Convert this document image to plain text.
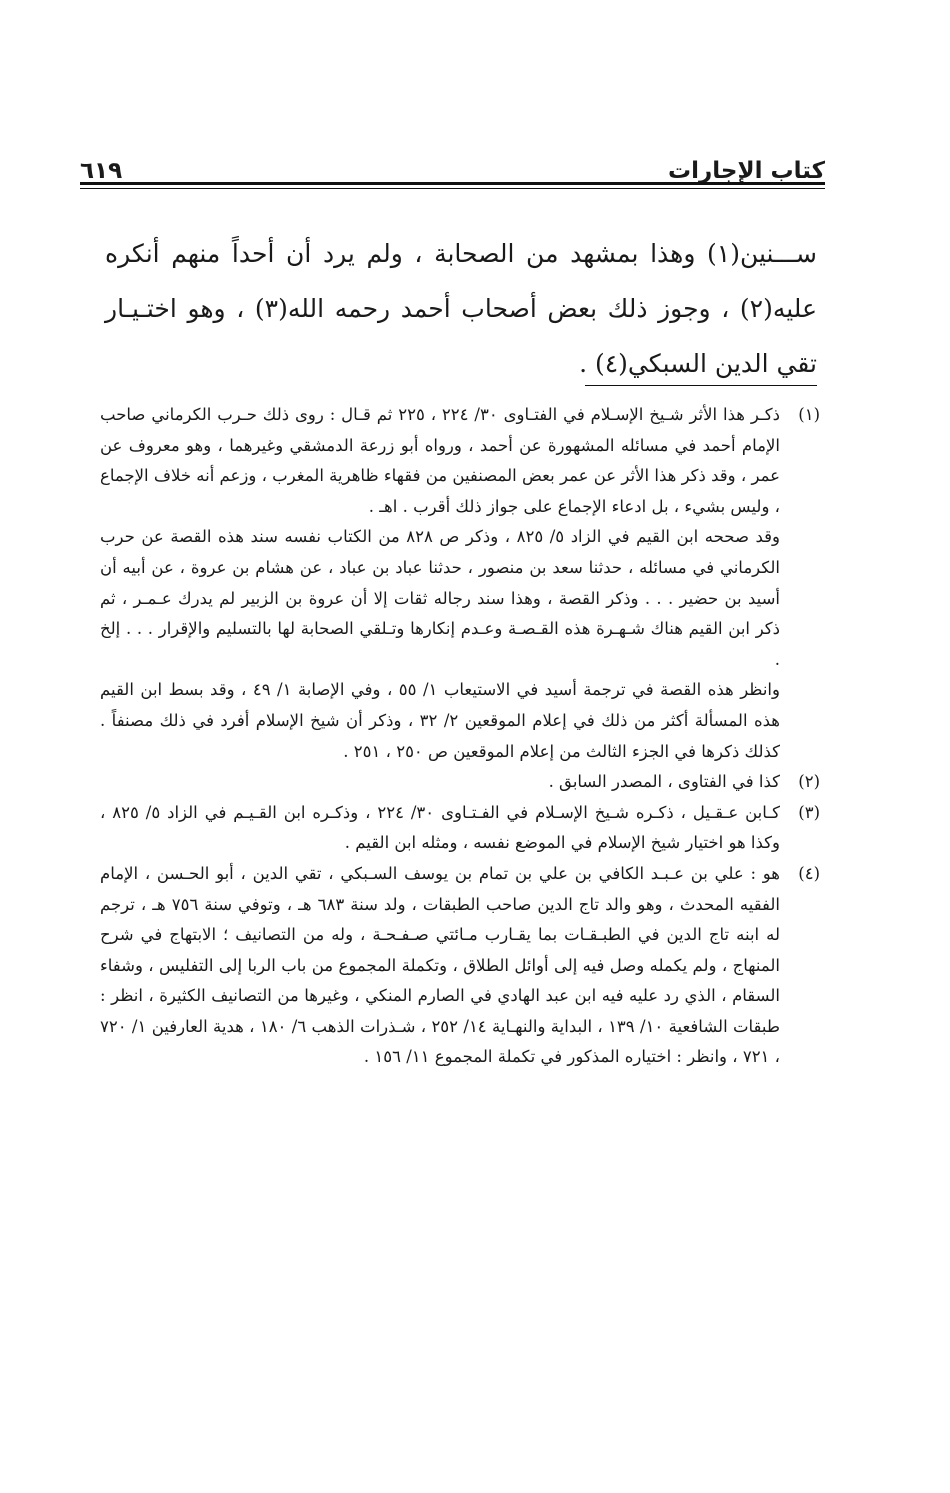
كتاب الإجارات
٦١٩

ســـنين(١) وهذا بمشهد من الصحابة ، ولم يرد أن أحداً منهم أنكره عليه(٢) ، وجوز ذلك بعض أصحاب أحمد رحمه الله(٣) ، وهو اختـيـار تقي الدين السبكي(٤) .

(١)

ذكـر هذا الأثر شـيخ الإسـلام في الفتـاوى ٣٠/ ٢٢٤ ، ٢٢٥ ثم قـال : روى ذلك حـرب الكرماني صاحب الإمام أحمد في مسائله المشهورة عن أحمد ، ورواه أبو زرعة الدمشقي وغيرهما ، وهو معروف عن عمر ، وقد ذكر هذا الأثر عن عمر بعض المصنفين من فقهاء ظاهرية المغرب ، وزعم أنه خلاف الإجماع ، وليس بشيء ، بل ادعاء الإجماع على جواز ذلك أقرب . اهـ .

وقد صححه ابن القيم في الزاد ٥/ ٨٢٥ ، وذكر ص ٨٢٨ من الكتاب نفسه سند هذه القصة عن حرب الكرماني في مسائله ، حدثنا سعد بن منصور ، حدثنا عباد بن عباد ، عن هشام بن عروة ، عن أبيه أن أسيد بن حضير . . . وذكر القصة ، وهذا سند رجاله ثقات إلا أن عروة بن الزبير لم يدرك عـمـر ، ثم ذكر ابن القيم هناك شـهـرة هذه القـصـة وعـدم إنكارها وتـلقي الصحابة لها بالتسليم والإقرار . . . إلخ .

وانظر هذه القصة في ترجمة أسيد في الاستيعاب ١/ ٥٥ ، وفي الإصابة ١/ ٤٩ ، وقد بسط ابن القيم هذه المسألة أكثر من ذلك في إعلام الموقعين ٢/ ٣٢ ، وذكر أن شيخ الإسلام أفرد في ذلك مصنفاً . كذلك ذكرها في الجزء الثالث من إعلام الموقعين ص ٢٥٠ ، ٢٥١ .

(٢)

كذا في الفتاوى ، المصدر السابق .

(٣)

كـابن عـقـيل ، ذكـره شـيخ الإسـلام في الفـتـاوى ٣٠/ ٢٢٤ ، وذكـره ابن القـيـم في الزاد ٥/ ٨٢٥ ، وكذا هو اختيار شيخ الإسلام في الموضع نفسه ، ومثله ابن القيم .

(٤)

هو : علي بن عـبـد الكافي بن علي بن تمام بن يوسف السـبكي ، تقي الدين ، أبو الحـسن ، الإمام الفقيه المحدث ، وهو والد تاج الدين صاحب الطبقات ، ولد سنة ٦٨٣ هـ ، وتوفي سنة ٧٥٦ هـ ، ترجم له ابنه تاج الدين في الطبـقـات بما يقـارب مـائتي صـفـحـة ، وله من التصانيف ؛ الابتهاج في شرح المنهاج ، ولم يكمله وصل فيه إلى أوائل الطلاق ، وتكملة المجموع من باب الربا إلى التفليس ، وشفاء السقام ، الذي رد عليه فيه ابن عبد الهادي في الصارم المنكي ، وغيرها من التصانيف الكثيرة ، انظر : طبقات الشافعية ١٠/ ١٣٩ ، البداية والنهـاية ١٤/ ٢٥٢ ، شـذرات الذهب ٦/ ١٨٠ ، هدية العارفين ١/ ٧٢٠ ، ٧٢١ ، وانظر : اختياره المذكور في تكملة المجموع ١١/ ١٥٦ .
